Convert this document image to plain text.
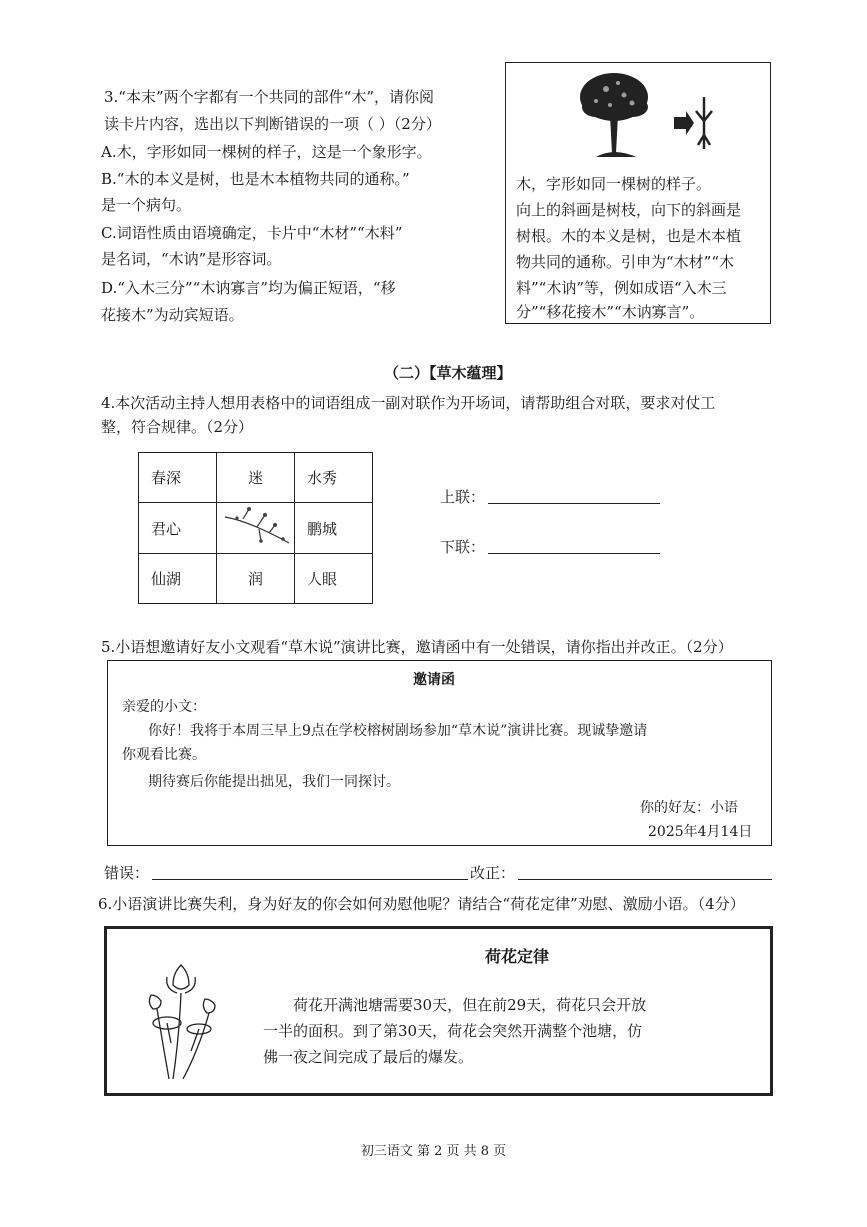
3.“本末”两个字都有一个共同的部件“木”，请你阅
读卡片内容，选出以下判断错误的一项（ ）（2分）
A.木，字形如同一棵树的样子，这是一个象形字。
B.“木的本义是树，也是木本植物共同的通称。”
是一个病句。
C.词语性质由语境确定，卡片中“木材”“木料”
是名词，“木讷”是形容词。
D.“入木三分”“木讷寡言”均为偏正短语，“移
花接木”为动宾短语。
木，字形如同一棵树的样子。
向上的斜画是树枝，向下的斜画是
树根。木的本义是树，也是木本植
物共同的通称。引申为“木材”“木
料”“木讷”等，例如成语“入木三
分”“移花接木”“木讷寡言”。
（二）【草木蕴理】
4.本次活动主持人想用表格中的词语组成一副对联作为开场词，请帮助组合对联，要求对仗工
整，符合规律。（2分）
春深	迷	水秀
君心		鹏城
仙湖	润	人眼
上联：
下联：
5.小语想邀请好友小文观看“草木说”演讲比赛，邀请函中有一处错误，请你指出并改正。（2分）
邀请函
亲爱的小文：
你好！我将于本周三早上9点在学校榕树剧场参加“草木说”演讲比赛。现诚挚邀请
你观看比赛。
期待赛后你能提出拙见，我们一同探讨。
你的好友：小语
2025年4月14日
错误：	改正：
6.小语演讲比赛失利，身为好友的你会如何劝慰他呢？请结合“荷花定律”劝慰、激励小语。（4分）
荷花定律
荷花开满池塘需要30天，但在前29天，荷花只会开放
一半的面积。到了第30天，荷花会突然开满整个池塘，仿
佛一夜之间完成了最后的爆发。
初三语文 第 2 页 共 8 页
